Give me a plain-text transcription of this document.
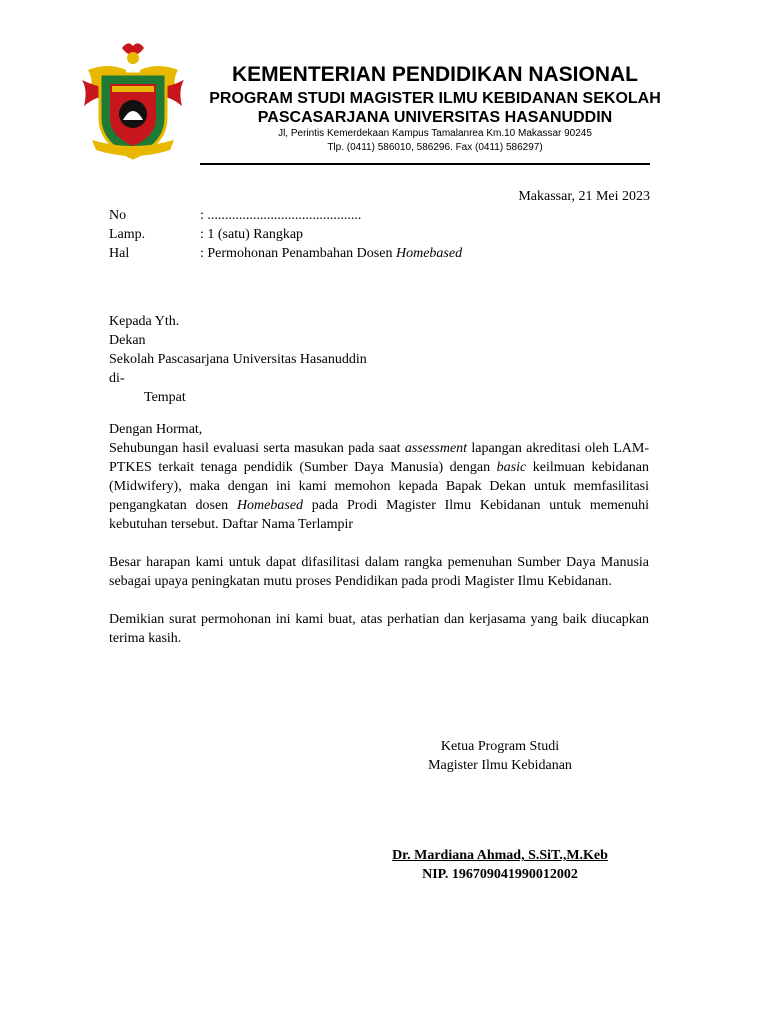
KEMENTERIAN PENDIDIKAN NASIONAL
PROGRAM STUDI MAGISTER ILMU KEBIDANAN SEKOLAH
PASCASARJANA UNIVERSITAS HASANUDDIN
Jl, Perintis Kemerdekaan Kampus Tamalanrea Km.10 Makassar 90245
Tlp. (0411) 586010, 586296. Fax (0411) 586297)
Makassar, 21 Mei 2023
No	: ............................................
Lamp.	: 1 (satu) Rangkap
Hal	: Permohonan Penambahan Dosen Homebased
Kepada Yth.
Dekan
Sekolah Pascasarjana Universitas Hasanuddin
di-
Tempat

Dengan Hormat,

Sehubungan hasil evaluasi serta masukan pada saat assessment lapangan akreditasi oleh LAM-PTKES terkait tenaga pendidik (Sumber Daya Manusia) dengan basic keilmuan kebidanan (Midwifery), maka dengan ini kami memohon kepada Bapak Dekan untuk memfasilitasi pengangkatan dosen Homebased pada Prodi Magister Ilmu Kebidanan untuk memenuhi kebutuhan tersebut. Daftar Nama Terlampir

Besar harapan kami untuk dapat difasilitasi dalam rangka pemenuhan Sumber Daya Manusia sebagai upaya peningkatan mutu proses Pendidikan pada prodi Magister Ilmu Kebidanan.

Demikian surat permohonan ini kami buat, atas perhatian dan kerjasama yang baik diucapkan terima kasih.

Ketua Program Studi
Magister Ilmu Kebidanan
Dr. Mardiana Ahmad, S.SiT.,M.Keb
NIP. 196709041990012002
